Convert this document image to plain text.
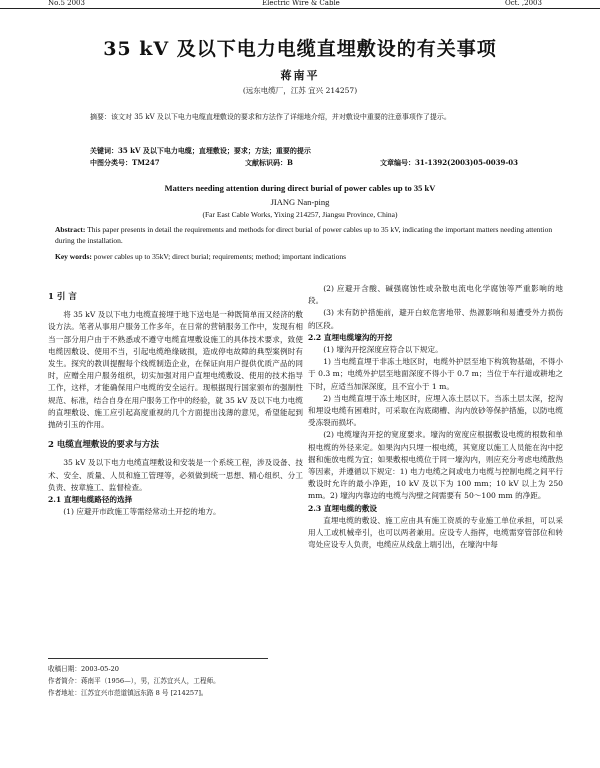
No.5 2003	Electric Wire & Cable	Oct. ,2003
35 kV 及以下电力电缆直埋敷设的有关事项
蒋南平
(远东电缆厂，江苏 宜兴 214257)
摘要：该文对 35 kV 及以下电力电缆直埋敷设的要求和方法作了详细地介绍，并对敷设中重要的注意事项作了提示。
关键词：35 kV 及以下电力电缆；直埋敷设；要求；方法；重要的提示
中图分类号：TM247	文献标识码：B	文章编号：31-1392(2003)05-0039-03
Matters needing attention during direct burial of power cables up to 35 kV
JIANG Nan-ping
(Far East Cable Works, Yixing 214257, Jiangsu Province, China)
Abstract: This paper presents in detail the requirements and methods for direct burial of power cables up to 35 kV, indicating the important matters needing attention during the installation.
Key words: power cables up to 35kV; direct burial; requirements; method; important indications
1 引 言

将 35 kV 及以下电力电缆直接埋于地下送电是一种既简单而又经济的敷设方法。笔者从事用户服务工作多年，在日常的营销服务工作中，发现有相当一部分用户由于不熟悉或不遵守电缆直埋敷设施工的具体技术要求，致使电缆因敷设、使用不当，引起电缆绝缘破损，造成停电故障的典型案例时有发生。探究的教训提醒每个线缆制造企业，在保证向用户提供优质产品的同时，应赠全用户服务组织，切实加强对用户直埋电缆敷设、使用的技术指导工作，这样，才能确保用户电缆的安全运行。现根据现行国家颁布的强制性规范、标准，结合自身在用户服务工作中的经验，就 35 kV 及以下电力电缆的直埋敷设、施工应引起高度重视的几个方面提出浅薄的意见，希望能起到抛砖引玉的作用。

2 电缆直埋敷设的要求与方法

35 kV 及以下电力电缆直埋敷设和安装是一个系统工程，涉及设备、技术、安全、质量、人员和施工管理等，必须做到统一思想、精心组织、分工负责、按章施工、监督检查。

2.1 直埋电缆路径的选择

(1) 应避开市政施工等需经常动土开挖的地方。

(2) 应避开含酸、碱强腐蚀性或杂散电流电化学腐蚀等严重影响的地段。

(3) 未有防护措施前，避开白蚁危害地带、热源影响和易遭受外力损伤的区段。

2.2 直埋电缆壕沟的开挖

(1) 壕沟开挖深度应符合以下规定。

1) 当电缆直埋于非冻土地区时，电缆外护层至地下构筑物基础，不得小于 0.3 m；电缆外护层至地面深度不得小于 0.7 m；当位于车行道或耕地之下时，应适当加深深度，且不宜小于 1 m。

2) 当电缆直埋于冻土地区时，应埋入冻土层以下。当冻土层太深，挖沟和埋设电缆有困难时，可采取在沟底砌槽、沟内放砂等保护措施，以防电缆受冻裂而损坏。

(2) 电缆壕沟开挖的宽度要求。壕沟的宽度应根据敷设电缆的根数和单根电缆的外径来定。如果沟内只埋一根电缆，其宽度以施工人员能在沟中挖掘和施放电缆为宜；如果敷根电缆位于同一壕沟内，则应充分考虑电缆散热等因素，并遵循以下规定：1) 电力电缆之间或电力电缆与控制电缆之间平行敷设时允许的最小净距，10 kV 及以下为 100 mm；10 kV 以上为 250 mm。2) 壕沟内靠边的电缆与沟壁之间需要有 50～100 mm 的净距。

2.3 直埋电缆的敷设

直埋电缆的敷设、施工应由具有施工资质的专业施工单位承担，可以采用人工或机械牵引，也可以两者兼用。应设专人指挥，电缆需穿管部位和转弯处应设专人负责，电缆应从线盘上端引出，在壕沟中每

收稿日期：2003-05-20
作者简介：蒋南平（1956—），男，江苏宜兴人，工程师。
作者地址：江苏宜兴市范道镇远东路 8 号 [214257]。
